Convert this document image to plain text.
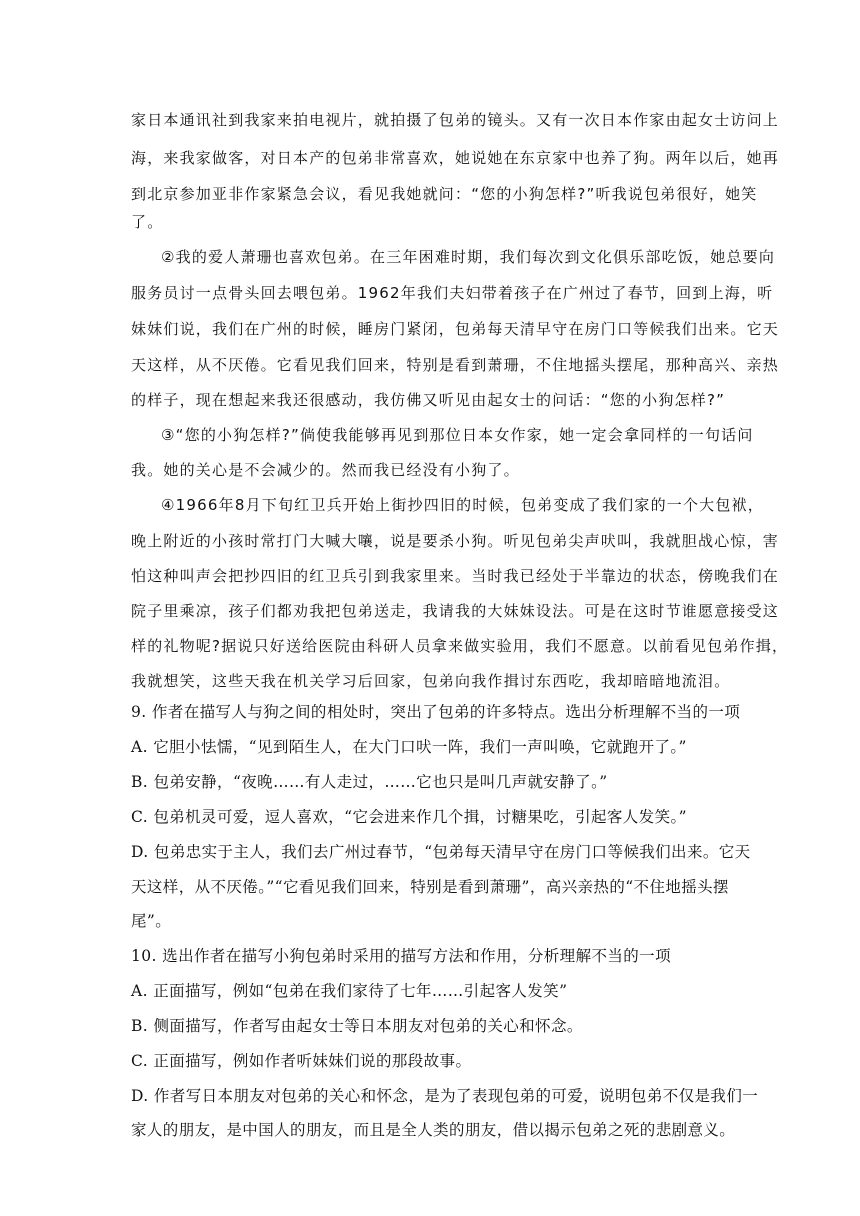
家日本通讯社到我家来拍电视片，就拍摄了包弟的镜头。又有一次日本作家由起女士访问上
海，来我家做客，对日本产的包弟非常喜欢，她说她在东京家中也养了狗。两年以后，她再
到北京参加亚非作家紧急会议，看见我她就问：“您的小狗怎样?”听我说包弟很好，她笑
了。
②我的爱人萧珊也喜欢包弟。在三年困难时期，我们每次到文化俱乐部吃饭，她总要向
服务员讨一点骨头回去喂包弟。1962年我们夫妇带着孩子在广州过了春节，回到上海，听
妹妹们说，我们在广州的时候，睡房门紧闭，包弟每天清早守在房门口等候我们出来。它天
天这样，从不厌倦。它看见我们回来，特别是看到萧珊，不住地摇头摆尾，那种高兴、亲热
的样子，现在想起来我还很感动，我仿佛又听见由起女士的问话：“您的小狗怎样?”
③“您的小狗怎样?”倘使我能够再见到那位日本女作家，她一定会拿同样的一句话问
我。她的关心是不会减少的。然而我已经没有小狗了。
④1966年8月下旬红卫兵开始上街抄四旧的时候，包弟变成了我们家的一个大包袱，
晚上附近的小孩时常打门大喊大嚷，说是要杀小狗。听见包弟尖声吠叫，我就胆战心惊，害
怕这种叫声会把抄四旧的红卫兵引到我家里来。当时我已经处于半靠边的状态，傍晚我们在
院子里乘凉，孩子们都劝我把包弟送走，我请我的大妹妹设法。可是在这时节谁愿意接受这
样的礼物呢?据说只好送给医院由科研人员拿来做实验用，我们不愿意。以前看见包弟作揖，
我就想笑，这些天我在机关学习后回家，包弟向我作揖讨东西吃，我却暗暗地流泪。
9. 作者在描写人与狗之间的相处时，突出了包弟的许多特点。选出分析理解不当的一项
A. 它胆小怯懦，“见到陌生人，在大门口吠一阵，我们一声叫唤，它就跑开了。”
B. 包弟安静，“夜晚……有人走过，……它也只是叫几声就安静了。”
C. 包弟机灵可爱，逗人喜欢，“它会进来作几个揖，讨糖果吃，引起客人发笑。”
D. 包弟忠实于主人，我们去广州过春节，“包弟每天清早守在房门口等候我们出来。它天
天这样，从不厌倦。”“它看见我们回来，特别是看到萧珊”，高兴亲热的“不住地摇头摆
尾”。
10. 选出作者在描写小狗包弟时采用的描写方法和作用，分析理解不当的一项
A. 正面描写，例如“包弟在我们家待了七年……引起客人发笑”
B. 侧面描写，作者写由起女士等日本朋友对包弟的关心和怀念。
C. 正面描写，例如作者听妹妹们说的那段故事。
D. 作者写日本朋友对包弟的关心和怀念，是为了表现包弟的可爱，说明包弟不仅是我们一
家人的朋友，是中国人的朋友，而且是全人类的朋友，借以揭示包弟之死的悲剧意义。
